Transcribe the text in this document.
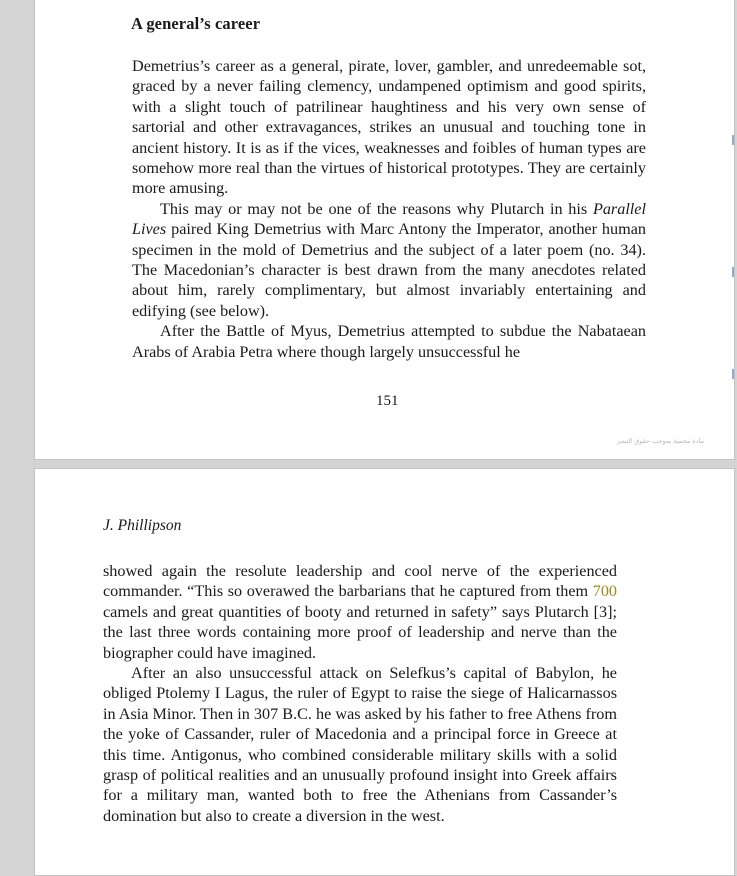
A general’s career

Demetrius’s career as a general, pirate, lover, gambler, and unredeemable sot, graced by a never failing clemency, undampened optimism and good spirits, with a slight touch of patrilinear haughtiness and his very own sense of sartorial and other extravagances, strikes an unusual and touching tone in ancient history. It is as if the vices, weaknesses and foibles of human types are somehow more real than the virtues of historical prototypes. They are certainly more amusing.

This may or may not be one of the reasons why Plutarch in his Parallel Lives paired King Demetrius with Marc Antony the Imperator, another human specimen in the mold of Demetrius and the subject of a later poem (no. 34). The Macedonian’s character is best drawn from the many anecdotes related about him, rarely complimentary, but almost invariably entertaining and edifying (see below).

After the Battle of Myus, Demetrius attempted to subdue the Nabataean Arabs of Arabia Petra where though largely unsuccessful he

151
مادة محمية بموجب حقوق النشر
J. Phillipson

showed again the resolute leadership and cool nerve of the experienced commander. “This so overawed the barbarians that he captured from them 700 camels and great quantities of booty and returned in safety” says Plutarch [3]; the last three words containing more proof of leadership and nerve than the biographer could have imagined.

After an also unsuccessful attack on Selefkus’s capital of Babylon, he obliged Ptolemy I Lagus, the ruler of Egypt to raise the siege of Halicarnassos in Asia Minor. Then in 307 B.C. he was asked by his father to free Athens from the yoke of Cassander, ruler of Macedonia and a principal force in Greece at this time. Antigonus, who combined considerable military skills with a solid grasp of political realities and an unusually profound insight into Greek affairs for a military man, wanted both to free the Athenians from Cassander’s domination but also to create a diversion in the west.
